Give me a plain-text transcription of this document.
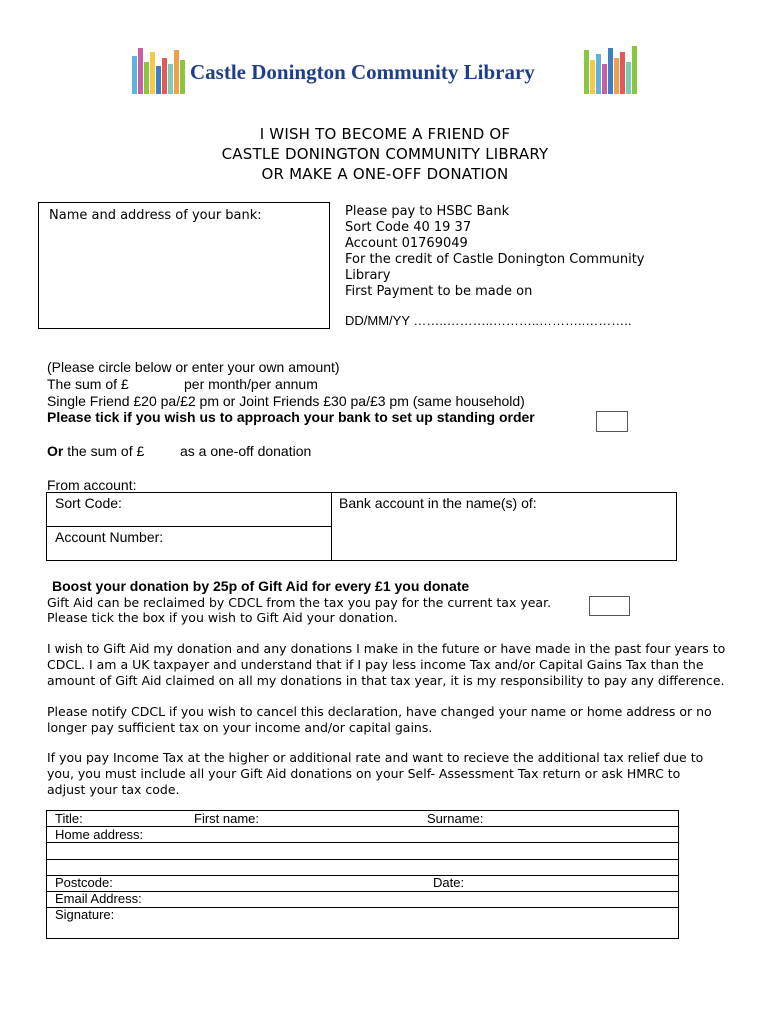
Castle Donington Community Library
I WISH TO BECOME A FRIEND OF
CASTLE DONINGTON COMMUNITY LIBRARY
OR MAKE A ONE-OFF DONATION
Name and address of your bank:	Please pay to HSBC Bank
Sort Code 40 19 37
Account 01769049
For the credit of Castle Donington Community
Library
First Payment to be made on
DD/MM/YY ……..………..………..………..………..
(Please circle below or enter your own amount)
The sum of £	per month/per annum
Single Friend £20 pa/£2 pm or Joint Friends £30 pa/£3 pm (same household)
Please tick if you wish us to approach your bank to set up standing order
Or the sum of £	as a one-off donation
From account:
Sort Code:
Account Number:
Bank account in the name(s) of:
Boost your donation by 25p of Gift Aid for every £1 you donate
Gift Aid can be reclaimed by CDCL from the tax you pay for the current tax year.
Please tick the box if you wish to Gift Aid your donation.
I wish to Gift Aid my donation and any donations I make in the future or have made in the past four years to
CDCL. I am a UK taxpayer and understand that if I pay less income Tax and/or Capital Gains Tax than the
amount of Gift Aid claimed on all my donations in that tax year, it is my responsibility to pay any difference.
Please notify CDCL if you wish to cancel this declaration, have changed your name or home address or no
longer pay sufficient tax on your income and/or capital gains.
If you pay Income Tax at the higher or additional rate and want to recieve the additional tax relief due to
you, you must include all your Gift Aid donations on your Self- Assessment Tax return or ask HMRC to
adjust your tax code.
Title:	First name:	Surname:
Home address:
Postcode:	Date:
Email Address:
Signature:
